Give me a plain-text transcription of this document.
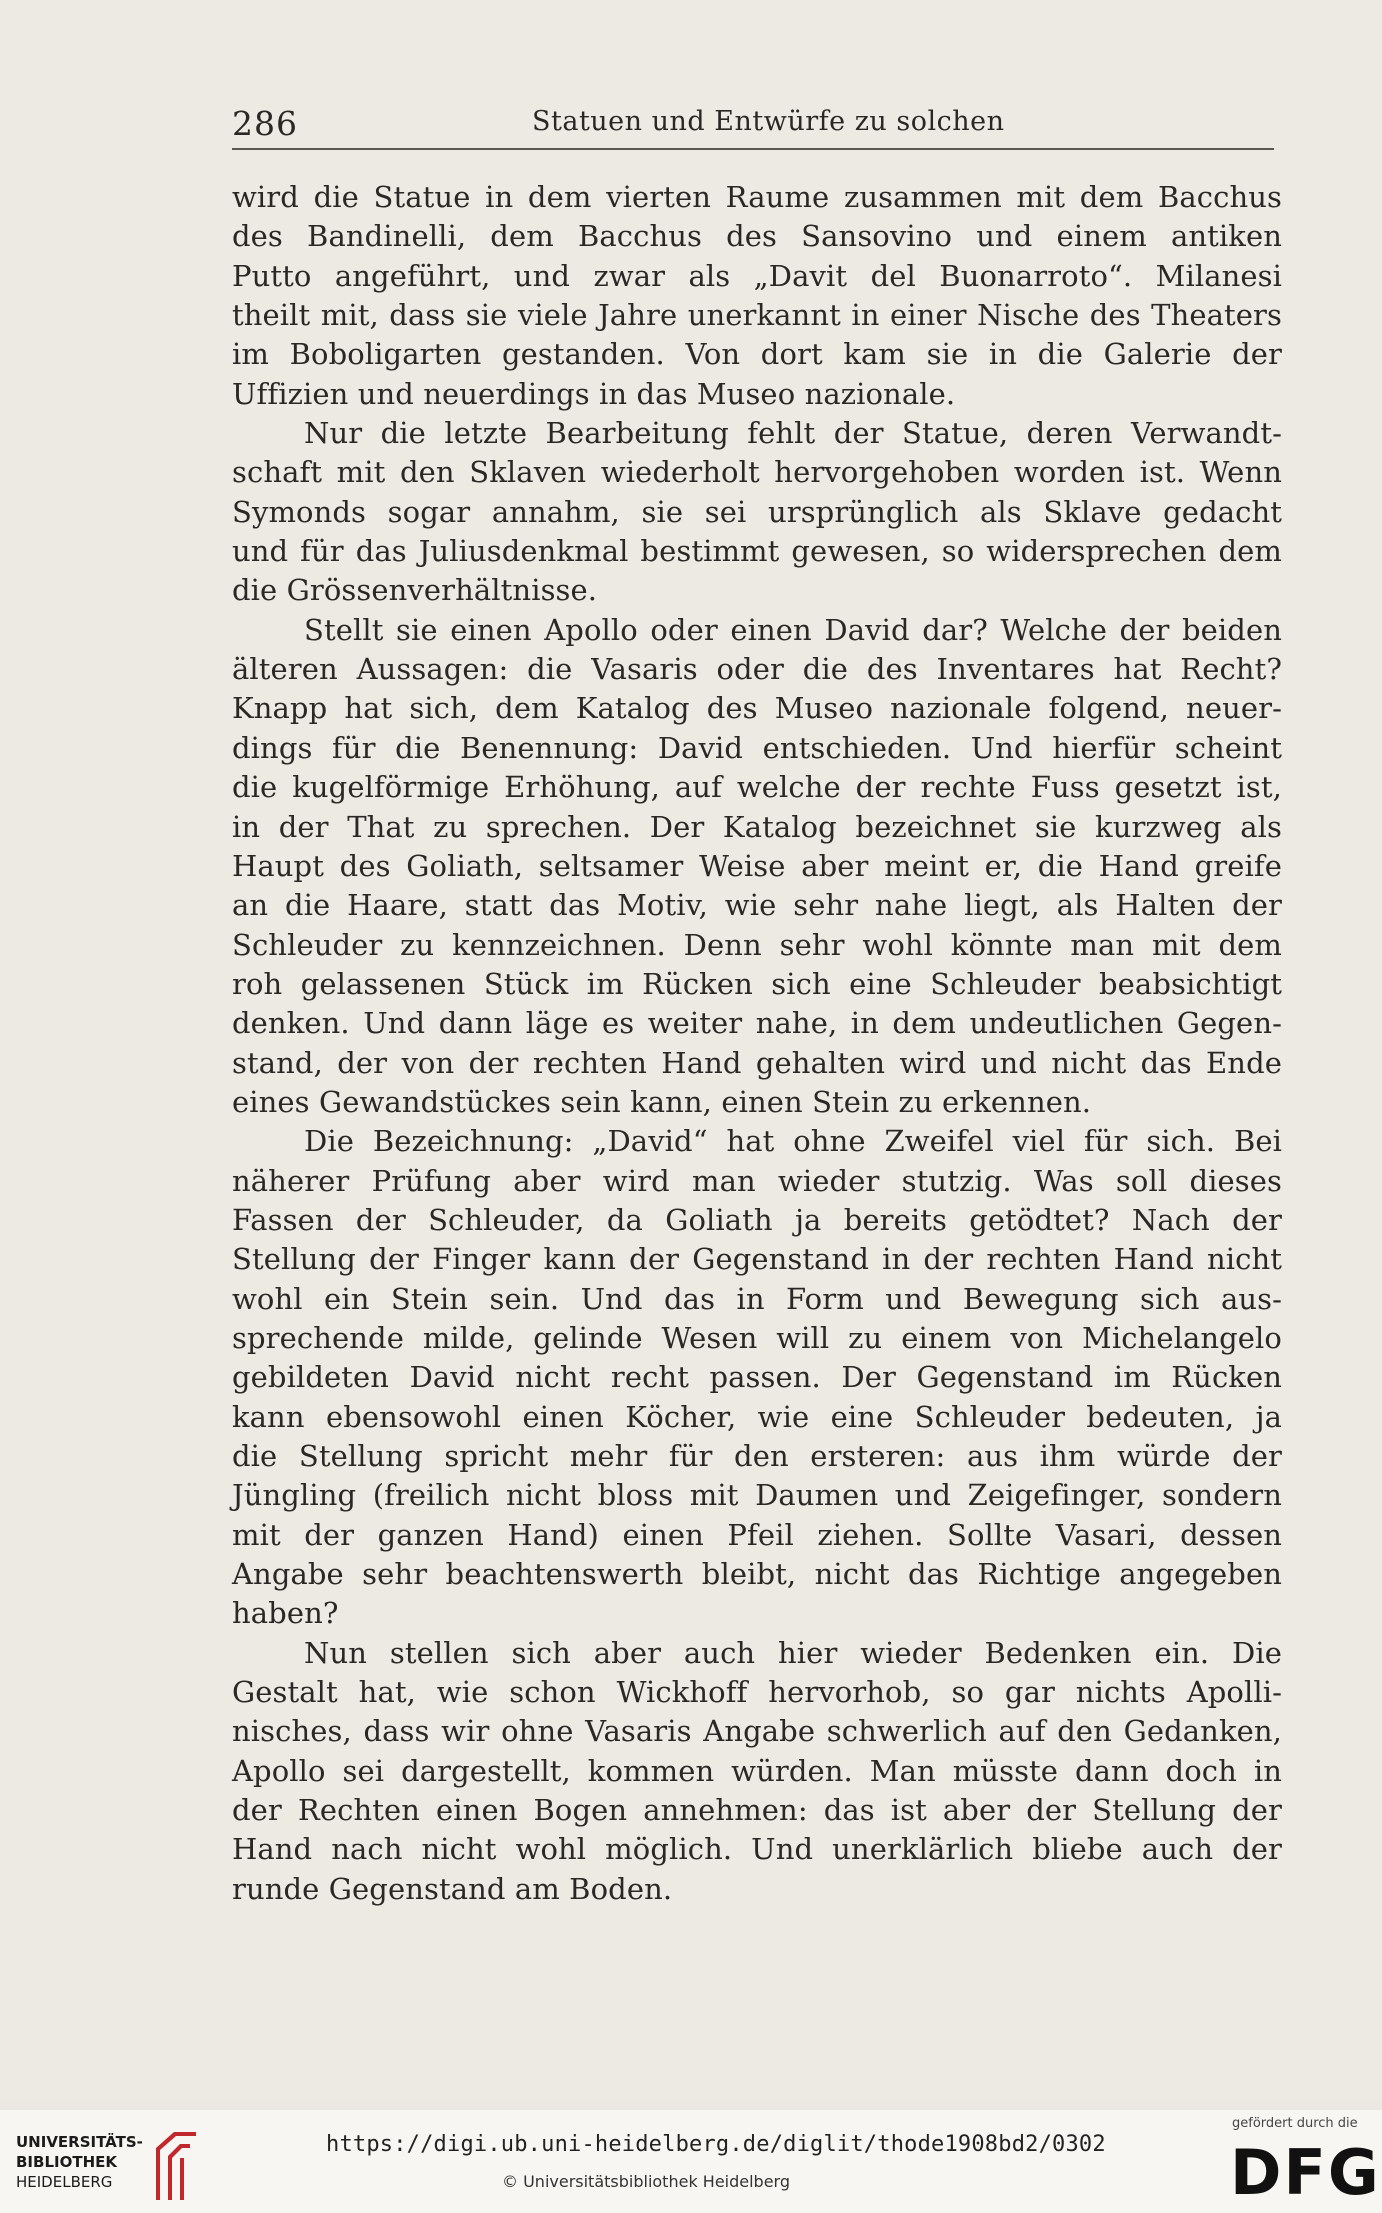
286	Statuen und Entwürfe zu solchen
wird die Statue in dem vierten Raume zusammen mit dem Bacchus
des Bandinelli, dem Bacchus des Sansovino und einem antiken
Putto angeführt, und zwar als „Davit del Buonarroto“. Milanesi
theilt mit, dass sie viele Jahre unerkannt in einer Nische des Theaters
im Boboligarten gestanden. Von dort kam sie in die Galerie der
Uffizien und neuerdings in das Museo nazionale.
Nur die letzte Bearbeitung fehlt der Statue, deren Verwandt-
schaft mit den Sklaven wiederholt hervorgehoben worden ist. Wenn
Symonds sogar annahm, sie sei ursprünglich als Sklave gedacht
und für das Juliusdenkmal bestimmt gewesen, so widersprechen dem
die Grössenverhältnisse.
Stellt sie einen Apollo oder einen David dar? Welche der beiden
älteren Aussagen: die Vasaris oder die des Inventares hat Recht?
Knapp hat sich, dem Katalog des Museo nazionale folgend, neuer-
dings für die Benennung: David entschieden. Und hierfür scheint
die kugelförmige Erhöhung, auf welche der rechte Fuss gesetzt ist,
in der That zu sprechen. Der Katalog bezeichnet sie kurzweg als
Haupt des Goliath, seltsamer Weise aber meint er, die Hand greife
an die Haare, statt das Motiv, wie sehr nahe liegt, als Halten der
Schleuder zu kennzeichnen. Denn sehr wohl könnte man mit dem
roh gelassenen Stück im Rücken sich eine Schleuder beabsichtigt
denken. Und dann läge es weiter nahe, in dem undeutlichen Gegen-
stand, der von der rechten Hand gehalten wird und nicht das Ende
eines Gewandstückes sein kann, einen Stein zu erkennen.
Die Bezeichnung: „David“ hat ohne Zweifel viel für sich. Bei
näherer Prüfung aber wird man wieder stutzig. Was soll dieses
Fassen der Schleuder, da Goliath ja bereits getödtet? Nach der
Stellung der Finger kann der Gegenstand in der rechten Hand nicht
wohl ein Stein sein. Und das in Form und Bewegung sich aus-
sprechende milde, gelinde Wesen will zu einem von Michelangelo
gebildeten David nicht recht passen. Der Gegenstand im Rücken
kann ebensowohl einen Köcher, wie eine Schleuder bedeuten, ja
die Stellung spricht mehr für den ersteren: aus ihm würde der
Jüngling (freilich nicht bloss mit Daumen und Zeigefinger, sondern
mit der ganzen Hand) einen Pfeil ziehen. Sollte Vasari, dessen
Angabe sehr beachtenswerth bleibt, nicht das Richtige angegeben
haben?
Nun stellen sich aber auch hier wieder Bedenken ein. Die
Gestalt hat, wie schon Wickhoff hervorhob, so gar nichts Apolli-
nisches, dass wir ohne Vasaris Angabe schwerlich auf den Gedanken,
Apollo sei dargestellt, kommen würden. Man müsste dann doch in
der Rechten einen Bogen annehmen: das ist aber der Stellung der
Hand nach nicht wohl möglich. Und unerklärlich bliebe auch der
runde Gegenstand am Boden.
UNIVERSITÄTS-
BIBLIOTHEK
HEIDELBERG
https://digi.ub.uni-heidelberg.de/diglit/thode1908bd2/0302
© Universitätsbibliothek Heidelberg
gefördert durch die
DFG
